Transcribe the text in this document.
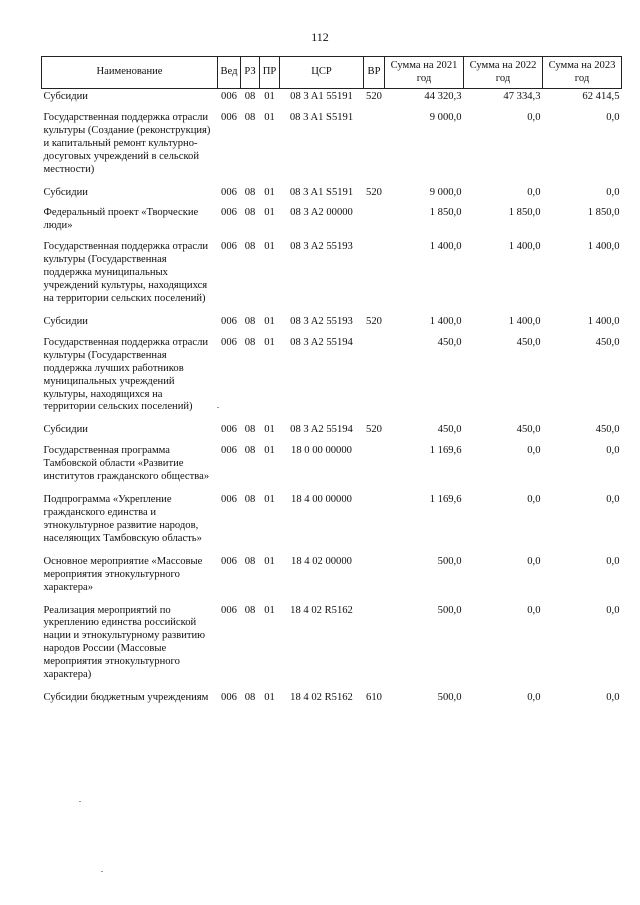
112
Наименование	Вед	РЗ	ПР	ЦСР	ВР	Сумма на 2021 год	Сумма на 2022 год	Сумма на 2023 год
Субсидии	006	08	01	08 3 A1 55191	520	44 320,3	47 334,3	62 414,5
Государственная поддержка отрасли культуры (Создание (реконструкция) и капитальный ремонт культурно-досуговых учреждений в сельской местности)	006	08	01	08 3 A1 S5191		9 000,0	0,0	0,0
Субсидии	006	08	01	08 3 A1 S5191	520	9 000,0	0,0	0,0
Федеральный проект «Творческие люди»	006	08	01	08 3 A2 00000		1 850,0	1 850,0	1 850,0
Государственная поддержка отрасли культуры (Государственная поддержка муниципальных учреждений культуры, находящихся на территории сельских поселений)	006	08	01	08 3 A2 55193		1 400,0	1 400,0	1 400,0
Субсидии	006	08	01	08 3 A2 55193	520	1 400,0	1 400,0	1 400,0
Государственная поддержка отрасли культуры (Государственная поддержка лучших работников муниципальных учреждений культуры, находящихся на территории сельских поселений)	006	08	01	08 3 A2 55194		450,0	450,0	450,0
Субсидии	006	08	01	08 3 A2 55194	520	450,0	450,0	450,0
Государственная программа Тамбовской области «Развитие институтов гражданского общества»	006	08	01	18 0 00 00000		1 169,6	0,0	0,0
Подпрограмма «Укрепление гражданского единства и этнокультурное развитие народов, населяющих Тамбовскую область»	006	08	01	18 4 00 00000		1 169,6	0,0	0,0
Основное мероприятие «Массовые мероприятия этнокультурного характера»	006	08	01	18 4 02 00000		500,0	0,0	0,0
Реализация мероприятий по укреплению единства российской нации и этнокультурному развитию народов России (Массовые мероприятия этнокультурного характера)	006	08	01	18 4 02 R5162		500,0	0,0	0,0
Субсидии бюджетным учреждениям	006	08	01	18 4 02 R5162	610	500,0	0,0	0,0
